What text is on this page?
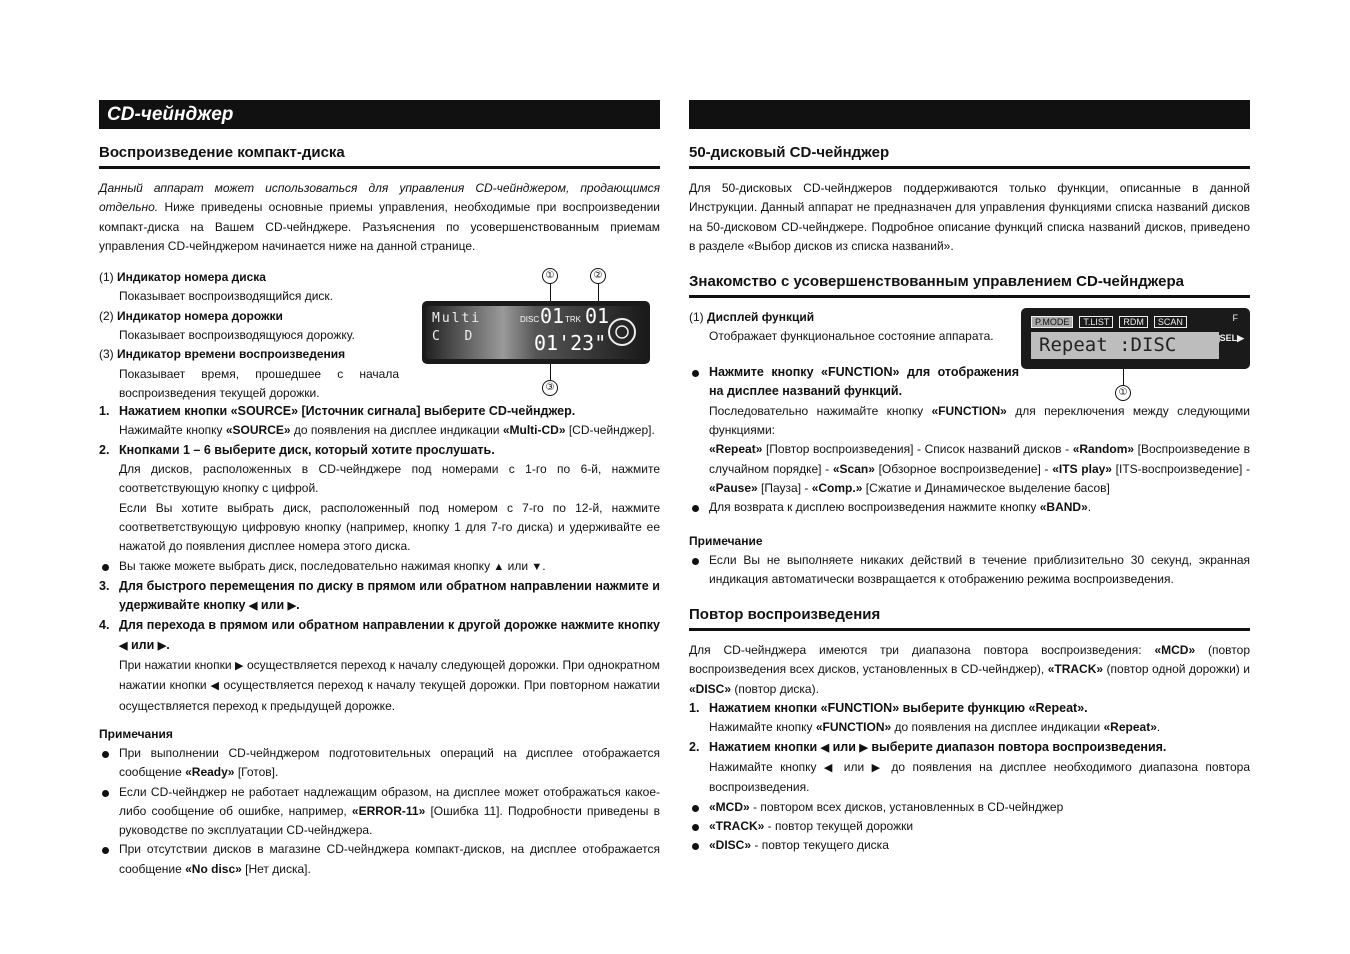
CD-чейнджер
Воспроизведение компакт-диска

Данный аппарат может использоваться для управления CD-чейнджером, продающимся отдельно. Ниже приведены основные приемы управления, необходимые при воспроизведении компакт-диска на Вашем CD-чейнджере. Разъяснения по усовершенствованным приемам управления CD-чейнджером начинается ниже на данной странице.

(1) Индикатор номера диска
Показывает воспроизводящийся диск.
(2) Индикатор номера дорожки
Показывает воспроизводящуюся дорожку.
(3) Индикатор времени воспроизведения
Показывает время, прошедшее с начала воспроизведения текущей дорожки.
①	②
Multi
C  D
DISC 01 TRK 01
01'23"
③
1. Нажатием кнопки «SOURCE» [Источник сигнала] выберите CD-чейнджер.
Нажимайте кнопку «SOURCE» до появления на дисплее индикации «Multi-CD» [CD-чейнджер].
2. Кнопками 1 – 6 выберите диск, который хотите прослушать.
Для дисков, расположенных в CD-чейнджере под номерами с 1-го по 6-й, нажмите соответствующую кнопку с цифрой.
Если Вы хотите выбрать диск, расположенный под номером с 7-го по 12-й, нажмите соответветствующую цифровую кнопку (например, кнопку 1 для 7-го диска) и удерживайте ее нажатой до появления дисплее номера этого диска.
Вы также можете выбрать диск, последовательно нажимая кнопку ▲ или ▼.
3. Для быстрого перемещения по диску в прямом или обратном направлении нажмите и удерживайте кнопку ◀ или ▶.
4. Для перехода в прямом или обратном направлении к другой дорожке нажмите кнопку ◀ или ▶.
При нажатии кнопки ▶ осуществляется переход к началу следующей дорожки. При однократном нажатии кнопки ◀ осуществляется переход к началу текущей дорожки. При повторном нажатии осуществляется переход к предыдущей дорожке.
Примечания
При выполнении CD-чейнджером подготовительных операций на дисплее отображается сообщение «Ready» [Готов].
Если CD-чейнджер не работает надлежащим образом, на дисплее может отображаться какое-либо сообщение об ошибке, например, «ERROR-11» [Ошибка 11]. Подробности приведены в руководстве по эксплуатации CD-чейнджера.
При отсутствии дисков в магазине CD-чейнджера компакт-дисков, на дисплее отображается сообщение «No disc» [Нет диска].
50-дисковый CD-чейнджер

Для 50-дисковых CD-чейнджеров поддерживаются только функции, описанные в данной Инструкции. Данный аппарат не предназначен для управления функциями списка названий дисков на 50-дисковом CD-чейнджере. Подробное описание функций списка названий дисков, приведено в разделе «Выбор дисков из списка названий».

Знакомство с усовершенствованным управлением CD-чейнджера
(1) Дисплей функций
Отображает функциональное состояние аппарата.
P.MODE	T.LIST	RDM	SCAN	F
SEL▶
Repeat :DISC
①
Нажмите кнопку «FUNCTION» для отображения на дисплее названий функций.
Последовательно нажимайте кнопку «FUNCTION» для переключения между следующими функциями:
«Repeat» [Повтор воспроизведения] - Список названий дисков - «Random» [Воспроизведение в случайном порядке] - «Scan» [Обзорное воспроизведение] - «ITS play» [ITS-воспроизведение] - «Pause» [Пауза] - «Comp.» [Сжатие и Динамическое выделение басов]
Для возврата к дисплею воспроизведения нажмите кнопку «BAND».
Примечание
Если Вы не выполняете никаких действий в течение приблизительно 30 секунд, экранная индикация автоматически возвращается к отображению режима воспроизведения.
Повтор воспроизведения

Для CD-чейнджера имеются три диапазона повтора воспроизведения: «MCD» (повтор воспроизведения всех дисков, установленных в CD-чейнджер), «TRACK» (повтор одной дорожки) и «DISC» (повтор диска).

1. Нажатием кнопки «FUNCTION» выберите функцию «Repeat».
Нажимайте кнопку «FUNCTION» до появления на дисплее индикации «Repeat».
2. Нажатием кнопки ◀ или ▶ выберите диапазон повтора воспроизведения.
Нажимайте кнопку ◀ или ▶ до появления на дисплее необходимого диапазона повтора воспроизведения.
«MCD» - повтором всех дисков, установленных в CD-чейнджер
«TRACK» - повтор текущей дорожки
«DISC» - повтор текущего диска
